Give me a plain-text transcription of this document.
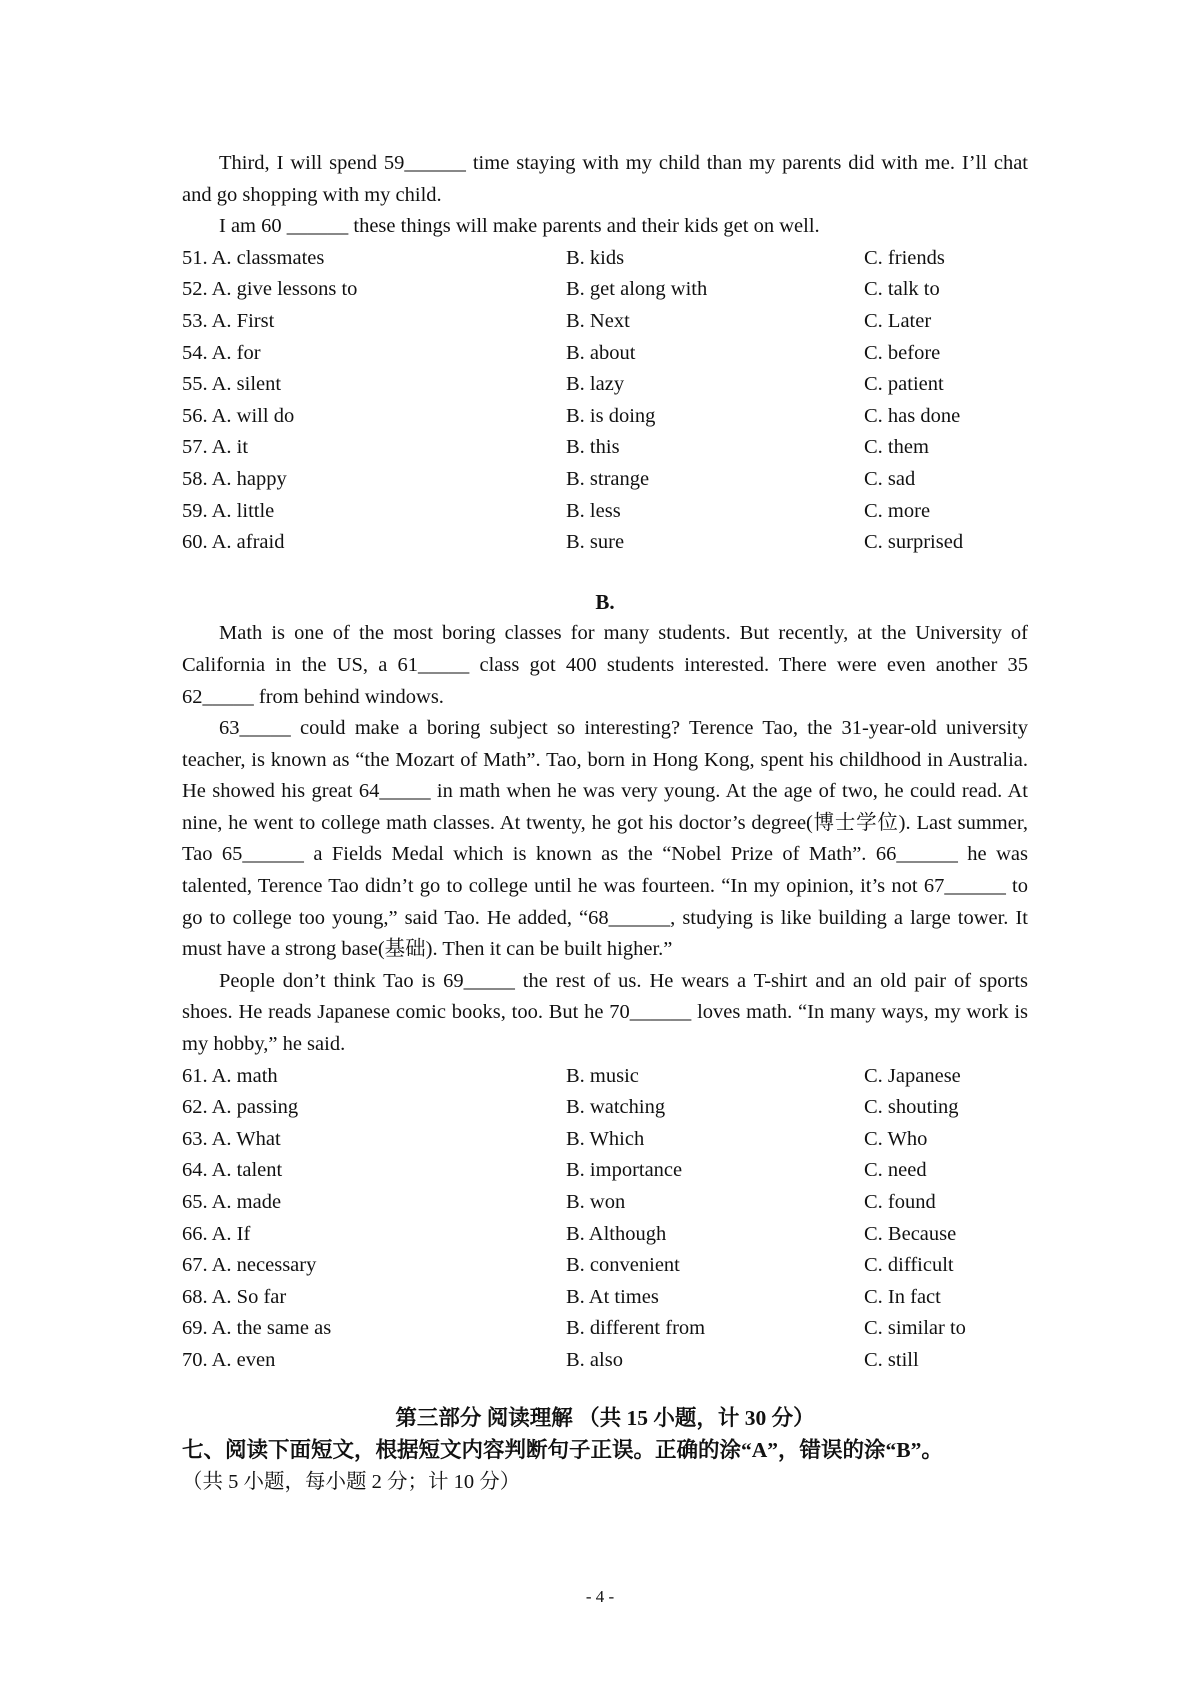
Third, I will spend 59______ time staying with my child than my parents did with me. I’ll chat and go shopping with my child.

I am 60 ______ these things will make parents and their kids get on well.

51. A. classmates	B. kids	C. friends
52. A. give lessons to	B. get along with	C. talk to
53. A. First	B. Next	C. Later
54. A. for	B. about	C. before
55. A. silent	B. lazy	C. patient
56. A. will do	B. is doing	C. has done
57. A. it	B. this	C. them
58. A. happy	B. strange	C. sad
59. A. little	B. less	C. more
60. A. afraid	B. sure	C. surprised
B.

Math is one of the most boring classes for many students. But recently, at the University of California in the US, a 61_____ class got 400 students interested. There were even another 35 62_____ from behind windows.

63_____ could make a boring subject so interesting? Terence Tao, the 31-year-old university teacher, is known as “the Mozart of Math”. Tao, born in Hong Kong, spent his childhood in Australia. He showed his great 64_____ in math when he was very young. At the age of two, he could read. At nine, he went to college math classes. At twenty, he got his doctor’s degree(博士学位). Last summer, Tao 65______ a Fields Medal which is known as the “Nobel Prize of Math”. 66______ he was talented, Terence Tao didn’t go to college until he was fourteen. “In my opinion, it’s not 67______ to go to college too young,” said Tao. He added, “68______, studying is like building a large tower. It must have a strong base(基础). Then it can be built higher.”

People don’t think Tao is 69_____ the rest of us. He wears a T-shirt and an old pair of sports shoes. He reads Japanese comic books, too. But he 70______ loves math. “In many ways, my work is my hobby,” he said.

61. A. math	B. music	C. Japanese
62. A. passing	B. watching	C. shouting
63. A. What	B. Which	C. Who
64. A. talent	B. importance	C. need
65. A. made	B. won	C. found
66. A. If	B. Although	C. Because
67. A. necessary	B. convenient	C. difficult
68. A. So far	B. At times	C. In fact
69. A. the same as	B. different from	C. similar to
70. A. even	B. also	C. still
第三部分 阅读理解 （共 15 小题，计 30 分）

七、阅读下面短文，根据短文内容判断句子正误。正确的涂“A”，错误的涂“B”。

（共 5 小题，每小题 2 分；计 10 分）

- 4 -
